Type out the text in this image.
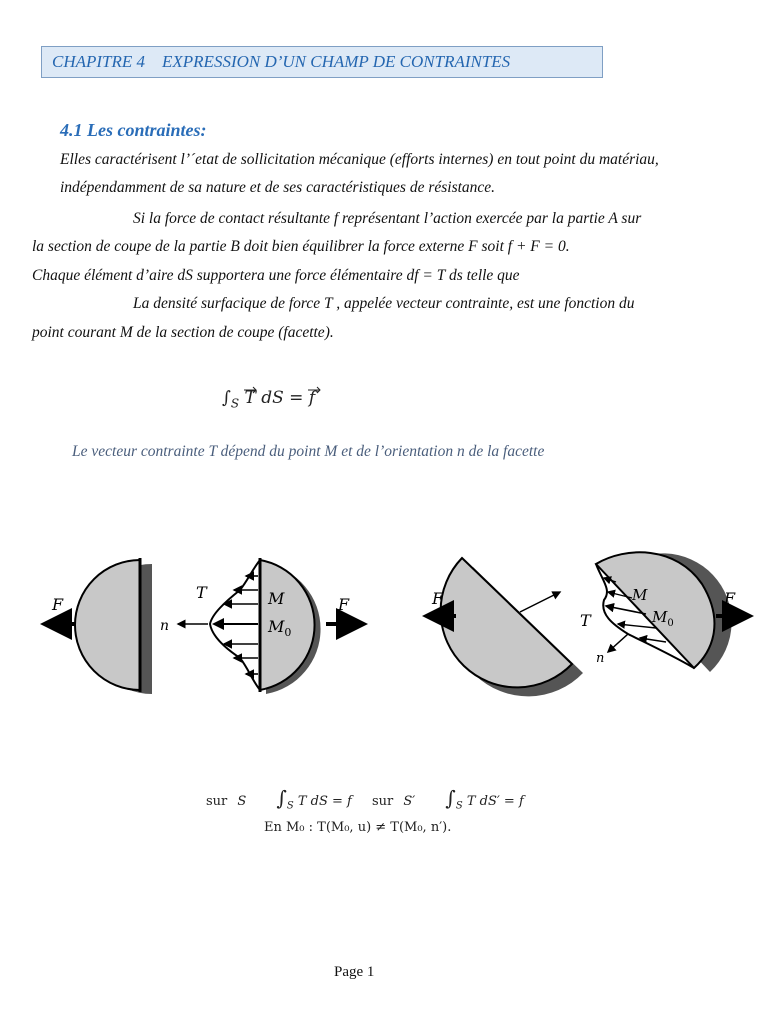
CHAPITRE 4    EXPRESSION D’UN CHAMP DE CONTRAINTES
4.1 Les contraintes:
Elles caractérisent l’´etat de sollicitation mécanique (efforts internes) en tout point du matériau,
indépendamment de sa nature et de ses caractéristiques de résistance.
Si la force de contact résultante f représentant l’action exercée par la partie A sur
la section de coupe de la partie B doit bien équilibrer la force externe F soit f + F = 0.
Chaque élément d’aire dS supportera une force élémentaire df = T ds telle que
La densité surfacique de force T , appelée vecteur contrainte, est une fonction du
point courant M de la section de coupe (facette).
$\int_S$ T dS = f
Le vecteur contrainte T dépend du point M et de l’orientation n de la facette
F
n
T	M
$M_0$
F	F
n
T
M
$M_0$
F
sur S $\int_S$ T dS = f sur S′ $\int_S$ T dS′ = f
En M₀ : T(M₀, u) ≠ T(M₀, n′).
Page 1
